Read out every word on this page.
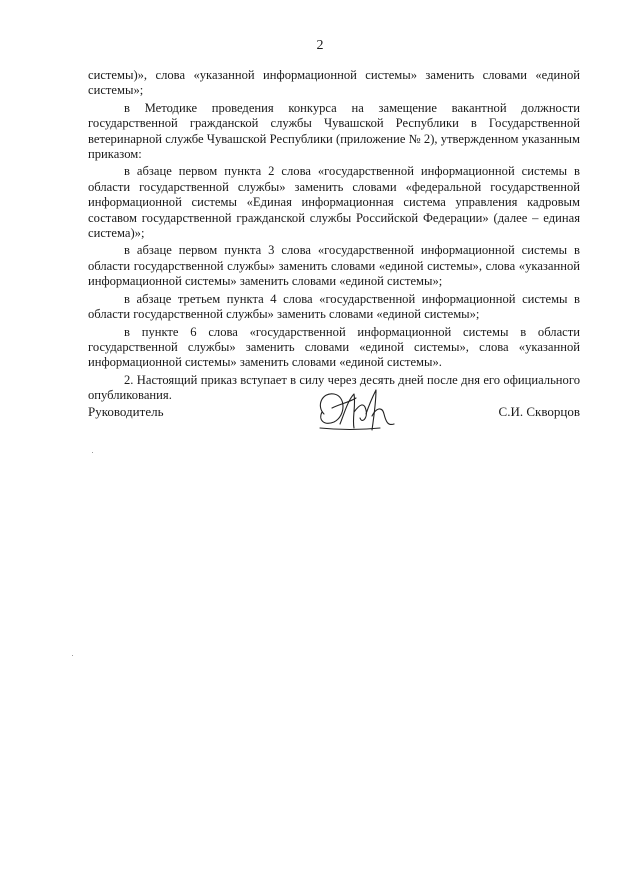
2

системы)», слова «указанной информационной системы» заменить словами «единой системы»;

в Методике проведения конкурса на замещение вакантной должности государственной гражданской службы Чувашской Республики в Государственной ветеринарной службе Чувашской Республики (приложение № 2), утвержденном указанным приказом:

в абзаце первом пункта 2 слова «государственной информационной системы в области государственной службы» заменить словами «федеральной государственной информационной системы «Единая информационная система управления кадровым составом государственной гражданской службы Российской Федерации» (далее – единая система)»;

в абзаце первом пункта 3 слова «государственной информационной системы в области государственной службы» заменить словами «единой системы», слова «указанной информационной системы» заменить словами «единой системы»;

в абзаце третьем пункта 4 слова «государственной информационной системы в области государственной службы» заменить словами «единой системы»;

в пункте 6 слова «государственной информационной системы в области государственной службы» заменить словами «единой системы», слова «указанной информационной системы» заменить словами «единой системы».

2. Настоящий приказ вступает в силу через десять дней после дня его официального опубликования.

Руководитель	С.И. Скворцов
